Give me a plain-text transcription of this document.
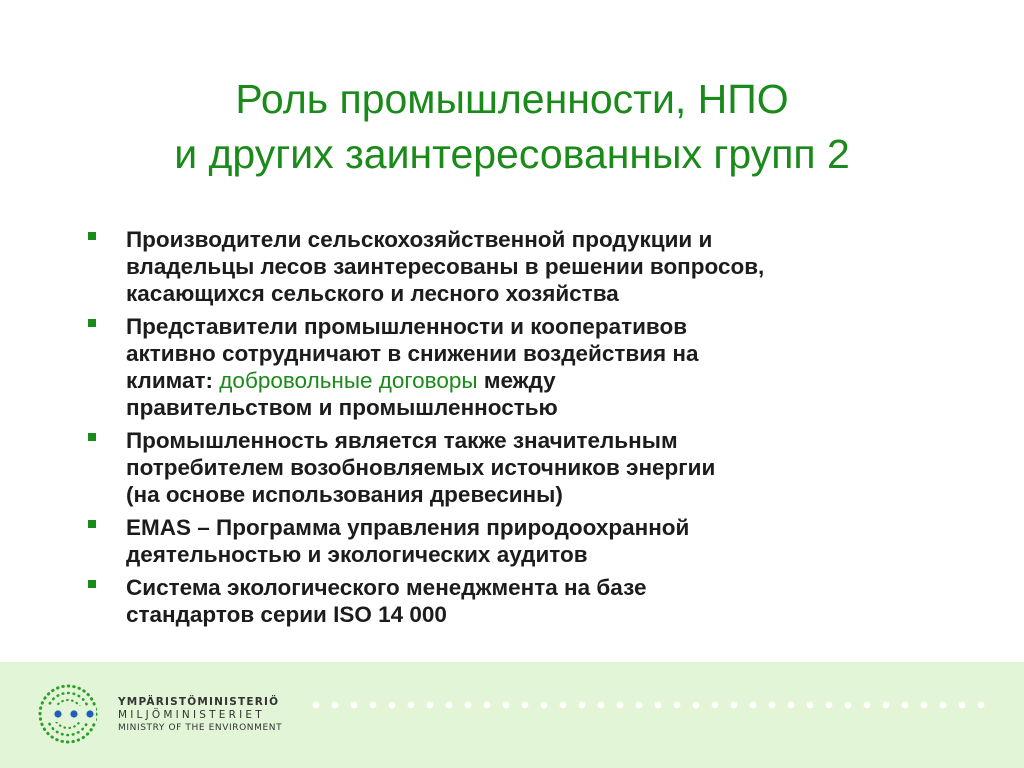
Роль промышленности, НПО
и других заинтересованных групп 2
Производители сельскохозяйственной продукции и
владельцы лесов заинтересованы в решении вопросов,
касающихся сельского и лесного хозяйства
Представители промышленности и кооперативов
активно сотрудничают в снижении воздействия на
климат: добровольные договоры между
правительством и промышленностью
Промышленность является также значительным
потребителем возобновляемых источников энергии
(на основе использования древесины)
EMAS – Программа управления природоохранной
деятельностью и экологических аудитов
Система экологического менеджмента на базе
стандартов серии ISO 14 000
YMPÄRISTÖMINISTERIÖ
MILJÖMINISTERIET
MINISTRY OF THE ENVIRONMENT
